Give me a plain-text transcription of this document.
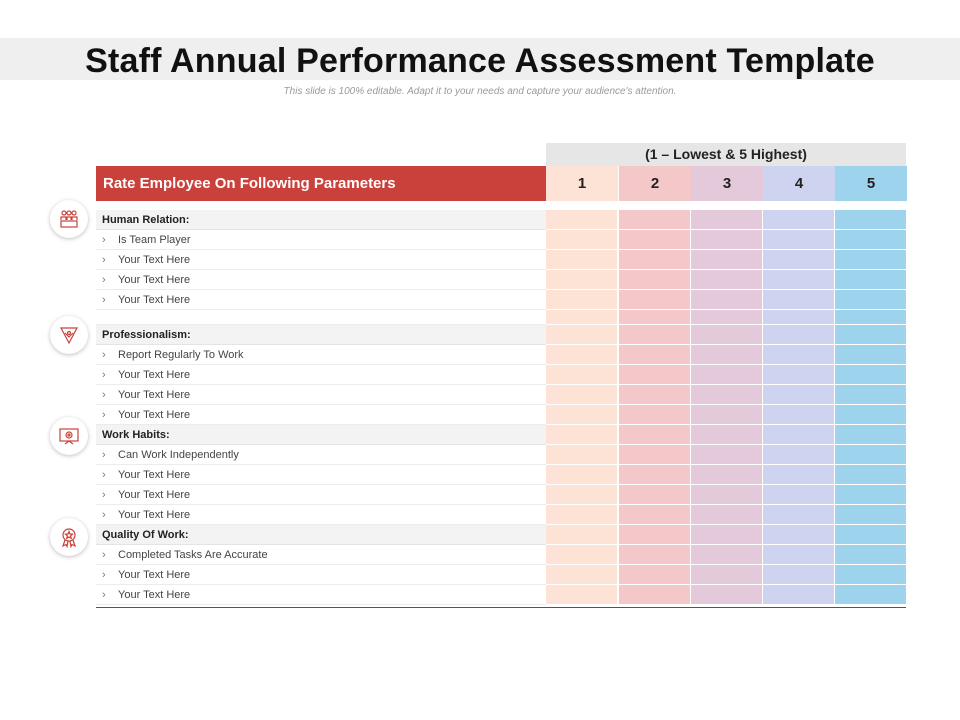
Staff Annual Performance Assessment Template
This slide is 100% editable. Adapt it to your needs and capture your audience's attention.
(1 – Lowest & 5 Highest)
Rate Employee On Following Parameters	1	2	3	4	5
Human Relation:
› Is Team Player
› Your Text Here
› Your Text Here
› Your Text Here
Professionalism:
› Report Regularly To Work
› Your Text Here
› Your Text Here
› Your Text Here
Work Habits:
› Can Work Independently
› Your Text Here
› Your Text Here
› Your Text Here
Quality Of Work:
› Completed Tasks Are Accurate
› Your Text Here
› Your Text Here
